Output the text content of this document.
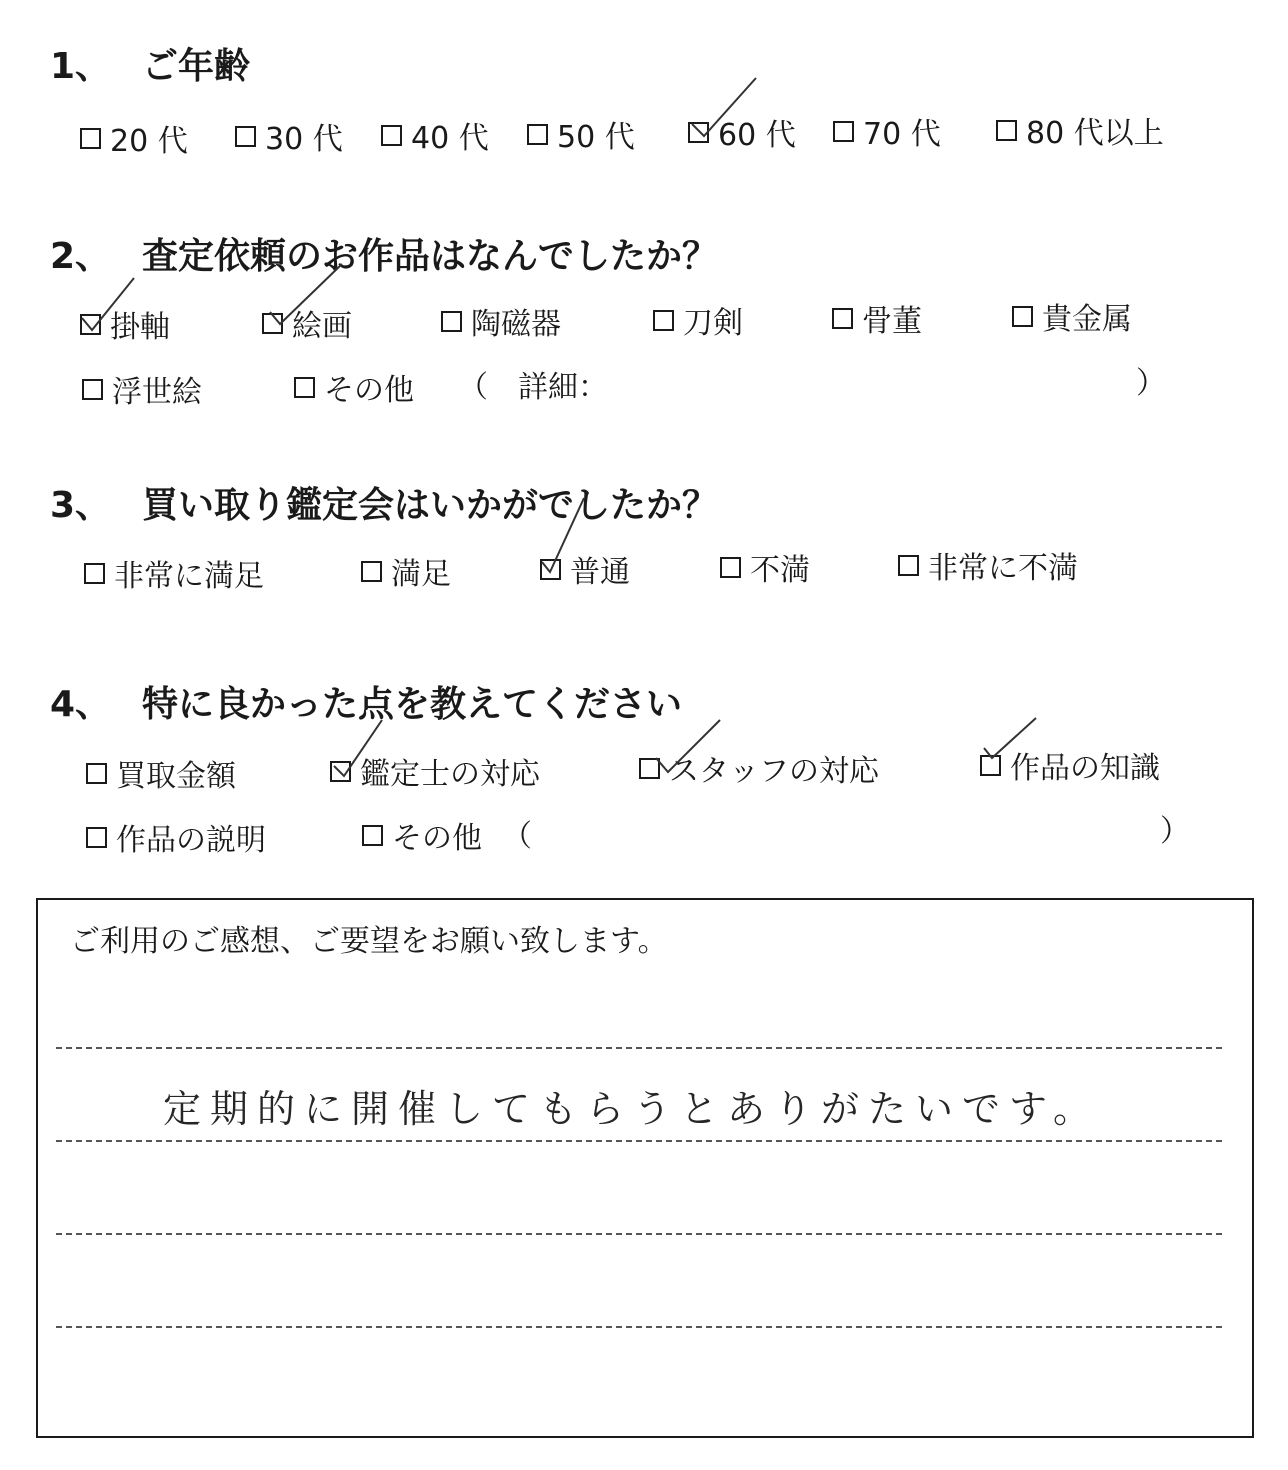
1、 ご年齢
20 代	30 代 40 代 50 代	60 代 70 代	80 代以上
2、 査定依頼のお作品はなんでしたか？
掛軸	絵画	陶磁器	刀剣	骨董	貴金属
浮世絵	その他 （　詳細：	）
3、 買い取り鑑定会はいかがでしたか？
非常に満足	満足	普通	不満	非常に不満
4、 特に良かった点を教えてください
買取金額	鑑定士の対応	スタッフの対応	作品の知識
作品の説明	その他 （	）
ご利用のご感想、ご要望をお願い致します。
定期的に開催してもらうとありがたいです。
